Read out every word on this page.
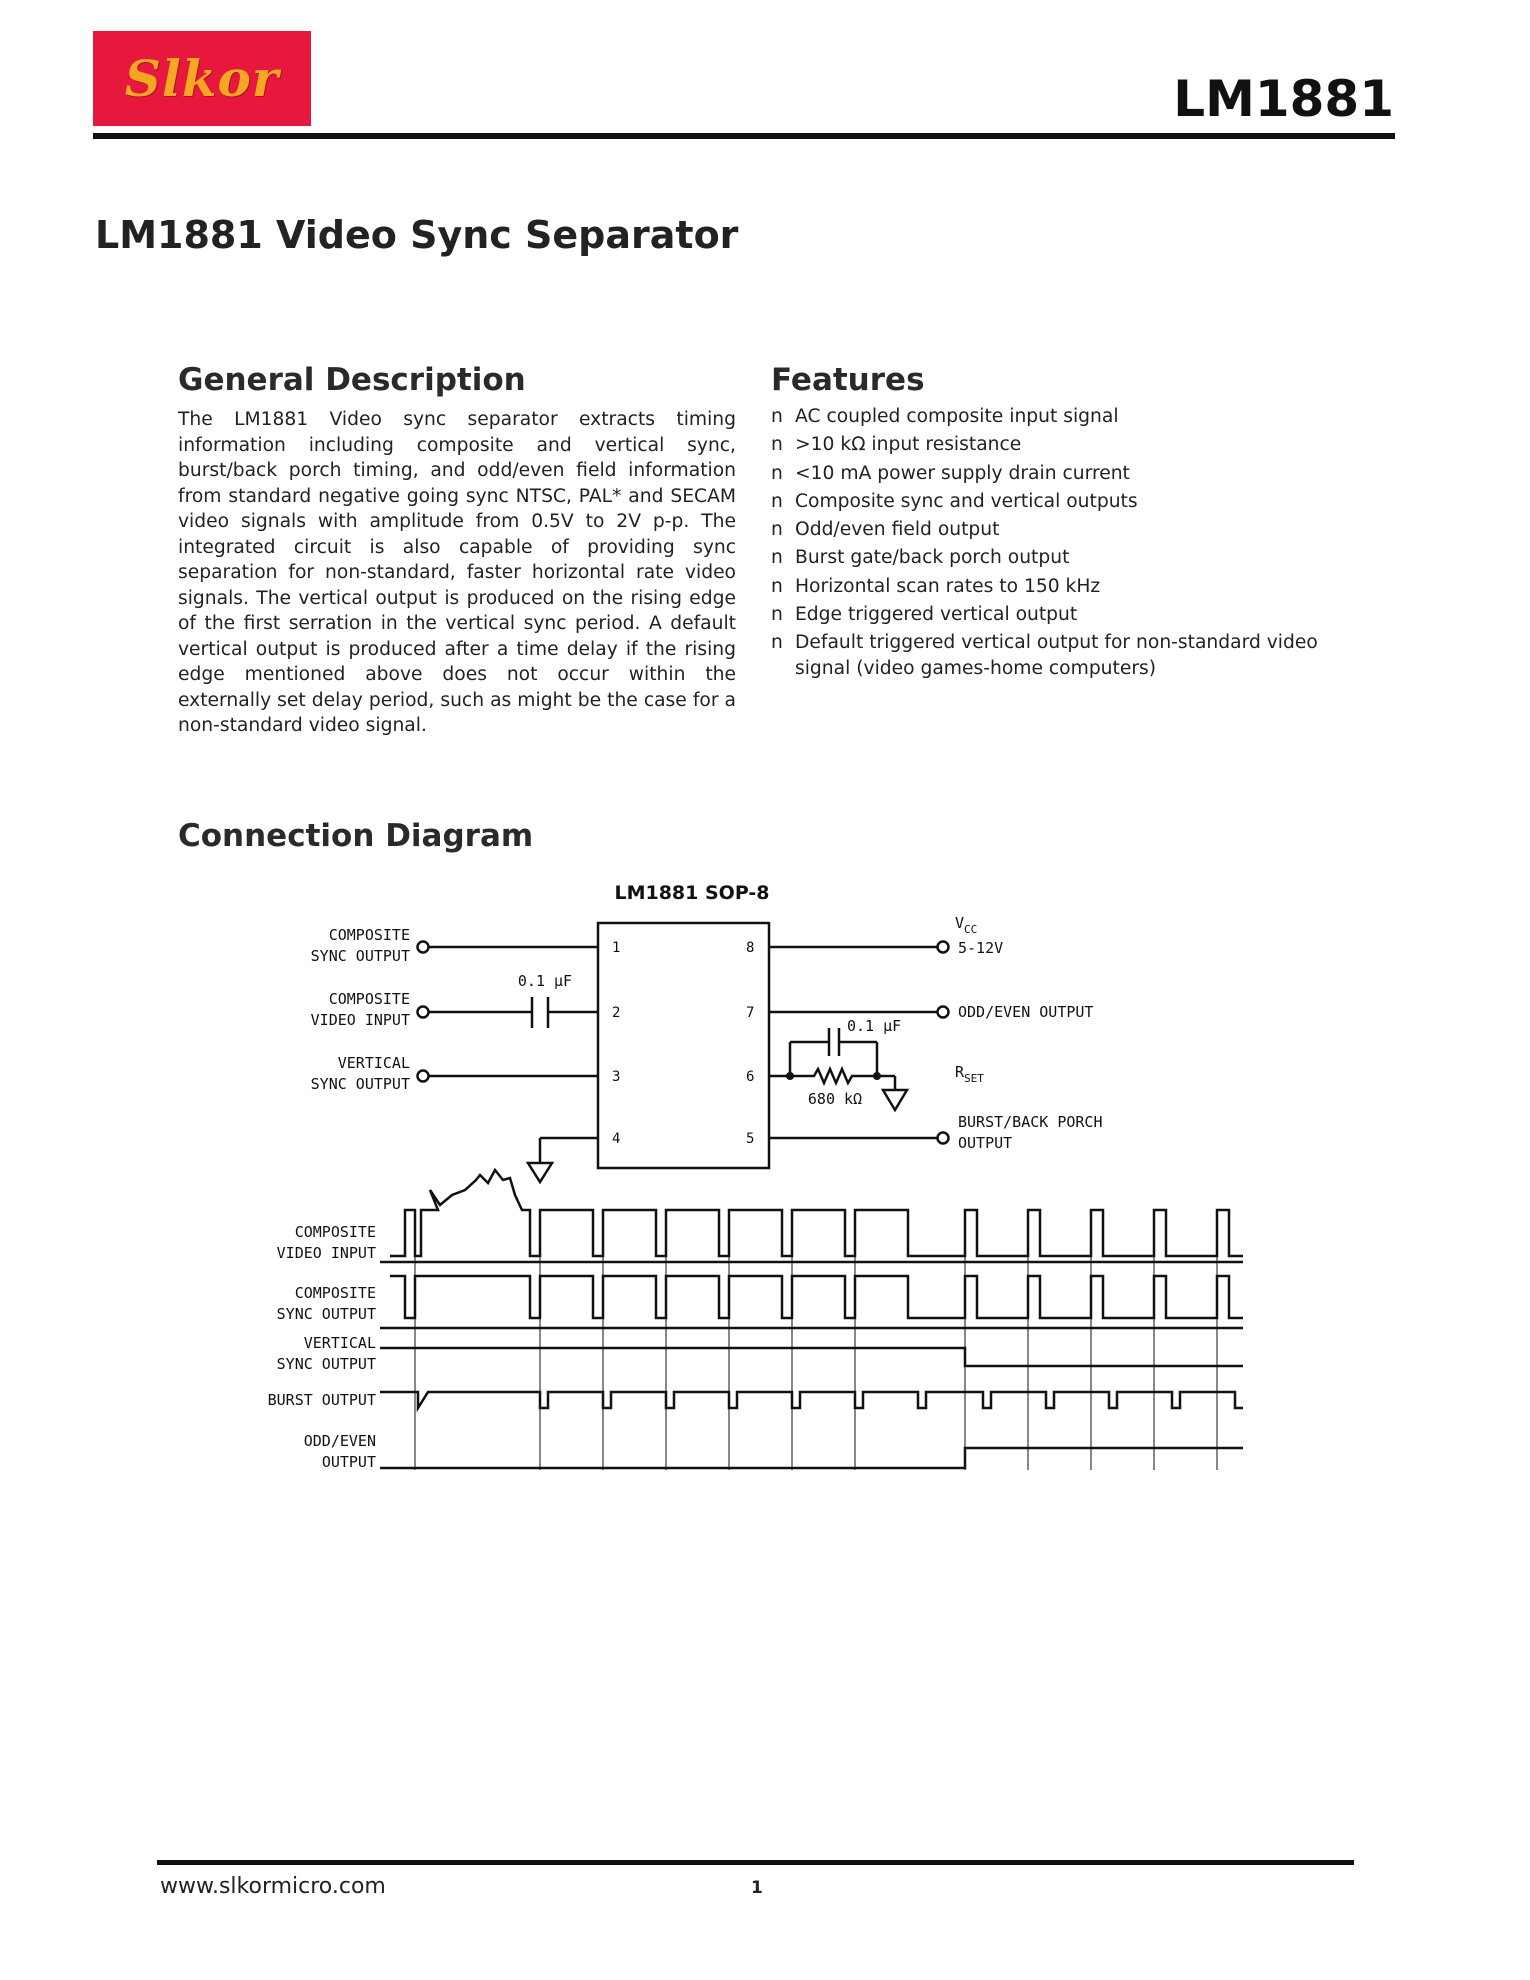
Slkor	LM1881
LM1881 Video Sync Separator
General Description
The LM1881 Video sync separator extracts timing information including composite and vertical sync, burst/back porch timing, and odd/even field information from standard negative going sync NTSC, PAL* and SECAM video signals with amplitude from 0.5V to 2V p-p. The integrated circuit is also capable of providing sync separation for non-standard, faster horizontal rate video signals. The vertical output is produced on the rising edge of the first serration in the vertical sync period. A default vertical output is produced after a time delay if the rising edge mentioned above does not occur within the externally set delay period, such as might be the case for a non-standard video signal.
Features
n AC coupled composite input signal
n >10 kΩ input resistance
n <10 mA power supply drain current
n Composite sync and vertical outputs
n Odd/even field output
n Burst gate/back porch output
n Horizontal scan rates to 150 kHz
n Edge triggered vertical output
n Default triggered vertical output for non-standard video signal (video games-home computers)
Connection Diagram
LM1881 SOP-8
COMPOSITE
SYNC OUTPUT
COMPOSITE
VIDEO INPUT
VERTICAL
SYNC OUTPUT
0.1 µF
0.1 µF
680 kΩ
$V_{CC}$
5-12V
ODD/EVEN OUTPUT
$R_{SET}$
BURST/BACK PORCH
OUTPUT
1
2
3
4	5
6
7
8
COMPOSITE
VIDEO INPUT
COMPOSITE
SYNC OUTPUT
VERTICAL
SYNC OUTPUT
BURST OUTPUT
ODD/EVEN
OUTPUT
www.slkormicro.com	1
